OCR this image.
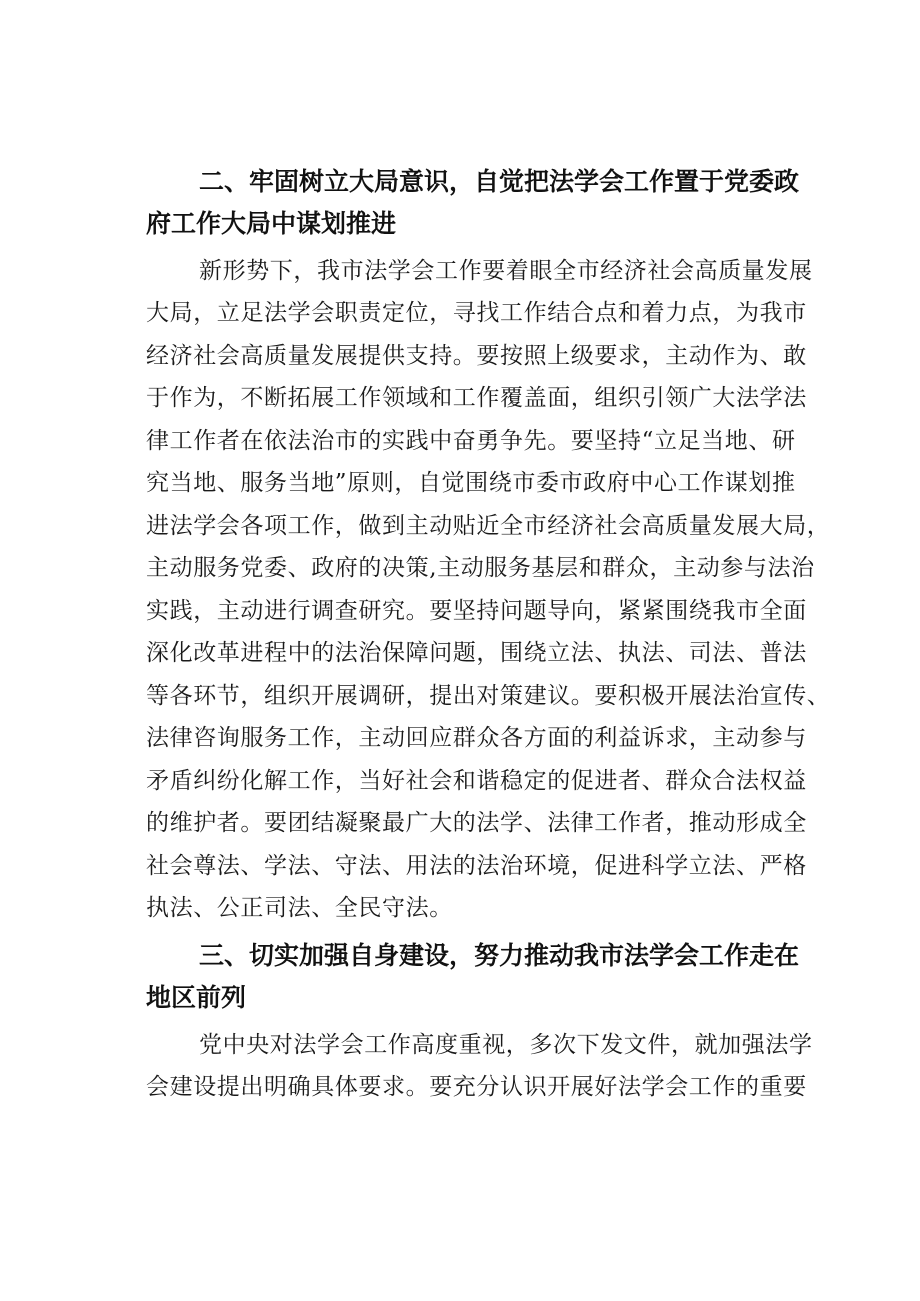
二、牢固树立大局意识，自觉把法学会工作置于党委政
府工作大局中谋划推进
新形势下，我市法学会工作要着眼全市经济社会高质量发展
大局，立足法学会职责定位，寻找工作结合点和着力点，为我市
经济社会高质量发展提供支持。要按照上级要求，主动作为、敢
于作为，不断拓展工作领域和工作覆盖面，组织引领广大法学法
律工作者在依法治市的实践中奋勇争先。要坚持“立足当地、研
究当地、服务当地”原则，自觉围绕市委市政府中心工作谋划推
进法学会各项工作，做到主动贴近全市经济社会高质量发展大局，
主动服务党委、政府的决策,主动服务基层和群众，主动参与法治
实践，主动进行调查研究。要坚持问题导向，紧紧围绕我市全面
深化改革进程中的法治保障问题，围绕立法、执法、司法、普法
等各环节，组织开展调研，提出对策建议。要积极开展法治宣传、
法律咨询服务工作，主动回应群众各方面的利益诉求，主动参与
矛盾纠纷化解工作，当好社会和谐稳定的促进者、群众合法权益
的维护者。要团结凝聚最广大的法学、法律工作者，推动形成全
社会尊法、学法、守法、用法的法治环境，促进科学立法、严格
执法、公正司法、全民守法。
三、切实加强自身建设，努力推动我市法学会工作走在
地区前列
党中央对法学会工作高度重视，多次下发文件，就加强法学
会建设提出明确具体要求。要充分认识开展好法学会工作的重要
